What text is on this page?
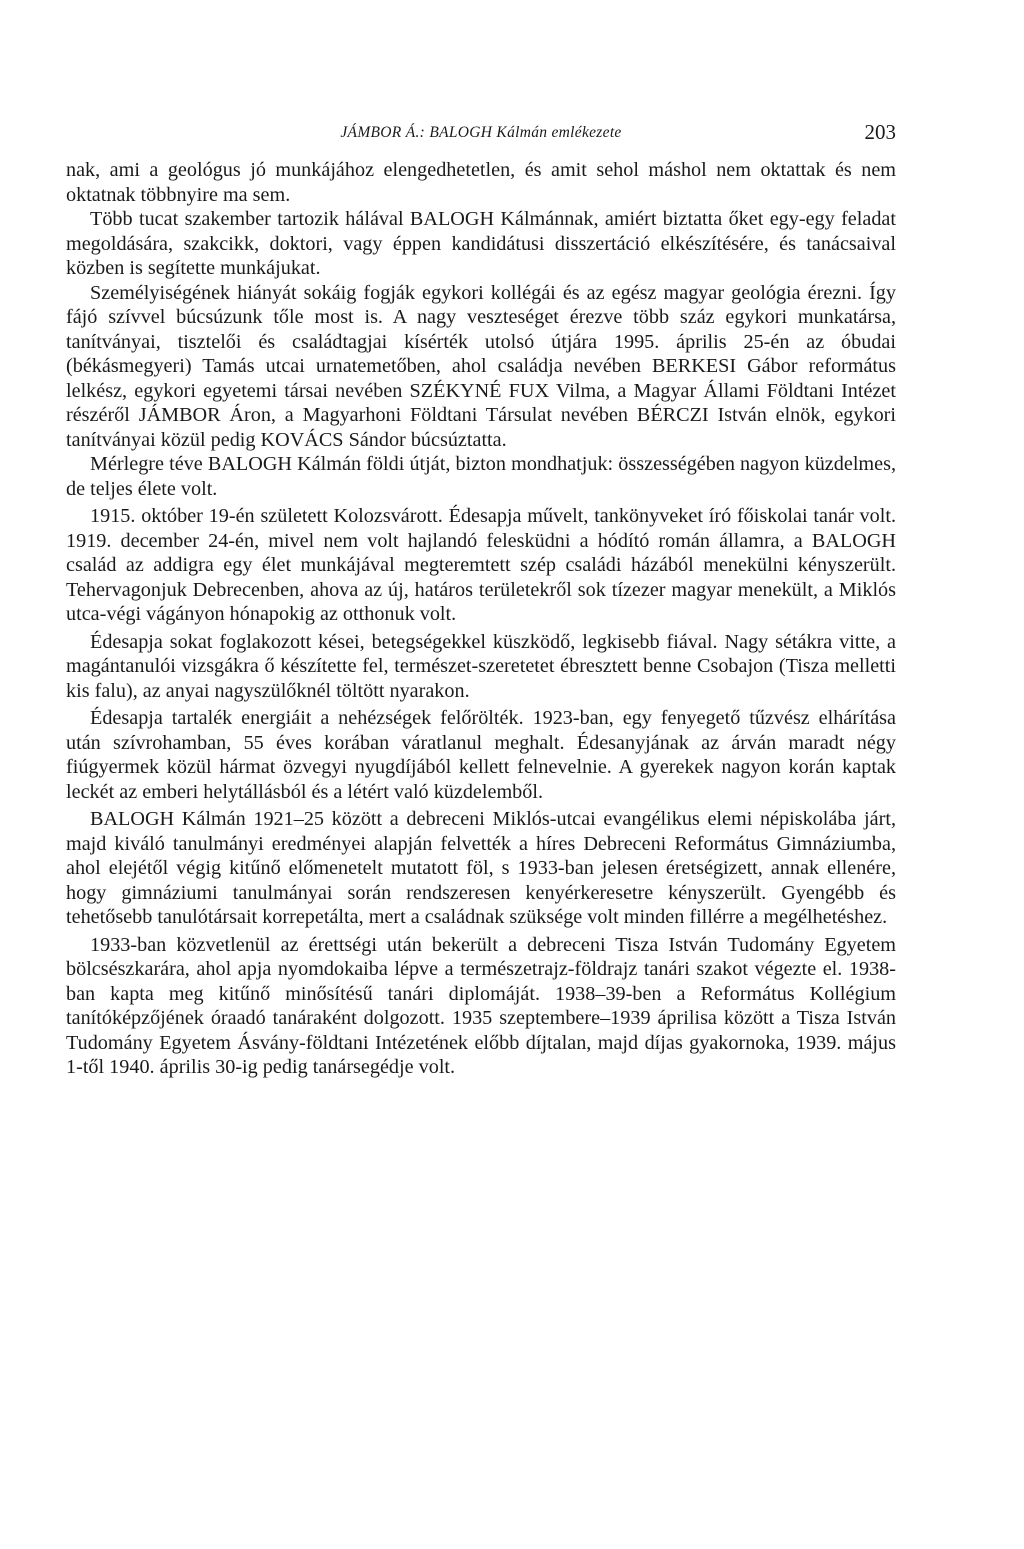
JÁMBOR Á.: BALOGH Kálmán emlékezete	203

nak, ami a geológus jó munkájához elengedhetetlen, és amit sehol máshol nem oktattak és nem oktatnak többnyire ma sem.

Több tucat szakember tartozik hálával BALOGH Kálmánnak, amiért biztatta őket egy-egy feladat megoldására, szakcikk, doktori, vagy éppen kandidátusi disszertáció elkészítésére, és tanácsaival közben is segítette munkájukat.

Személyiségének hiányát sokáig fogják egykori kollégái és az egész magyar geológia érezni. Így fájó szívvel búcsúzunk tőle most is. A nagy veszteséget érezve több száz egykori munkatársa, tanítványai, tisztelői és családtagjai kísérték utolsó útjára 1995. április 25-én az óbudai (békásmegyeri) Tamás utcai urnatemetőben, ahol családja nevében BERKESI Gábor református lelkész, egykori egyetemi társai nevében SZÉKYNÉ FUX Vilma, a Magyar Állami Földtani Intézet részéről JÁMBOR Áron, a Magyarhoni Földtani Társulat nevében BÉRCZI István elnök, egykori tanítványai közül pedig KOVÁCS Sándor búcsúztatta.

Mérlegre téve BALOGH Kálmán földi útját, bizton mondhatjuk: összességében nagyon küzdelmes, de teljes élete volt.

1915. október 19-én született Kolozsvárott. Édesapja művelt, tankönyveket író főiskolai tanár volt. 1919. december 24-én, mivel nem volt hajlandó felesküdni a hódító román államra, a BALOGH család az addigra egy élet munkájával megteremtett szép családi házából menekülni kényszerült. Tehervagonjuk Debrecenben, ahova az új, határos területekről sok tízezer magyar menekült, a Miklós utca-végi vágányon hónapokig az otthonuk volt.

Édesapja sokat foglakozott kései, betegségekkel küszködő, legkisebb fiával. Nagy sétákra vitte, a magántanulói vizsgákra ő készítette fel, természet-szeretetet ébresztett benne Csobajon (Tisza melletti kis falu), az anyai nagyszülőknél töltött nyarakon.

Édesapja tartalék energiáit a nehézségek felőrölték. 1923-ban, egy fenyegető tűzvész elhárítása után szívrohamban, 55 éves korában váratlanul meghalt. Édesanyjának az árván maradt négy fiúgyermek közül hármat özvegyi nyugdíjából kellett felnevelnie. A gyerekek nagyon korán kaptak leckét az emberi helytállásból és a létért való küzdelemből.

BALOGH Kálmán 1921–25 között a debreceni Miklós-utcai evangélikus elemi népiskolába járt, majd kiváló tanulmányi eredményei alapján felvették a híres Debreceni Református Gimnáziumba, ahol elejétől végig kitűnő előmenetelt mutatott föl, s 1933-ban jelesen éretségizett, annak ellenére, hogy gimnáziumi tanulmányai során rendszeresen kenyérkeresetre kényszerült. Gyengébb és tehetősebb tanulótársait korrepetálta, mert a családnak szüksége volt minden fillérre a megélhetéshez.

1933-ban közvetlenül az érettségi után bekerült a debreceni Tisza István Tudomány Egyetem bölcsészkarára, ahol apja nyomdokaiba lépve a természetrajz-földrajz tanári szakot végezte el. 1938-ban kapta meg kitűnő minősítésű tanári diplomáját. 1938–39-ben a Református Kollégium tanítóképzőjének óraadó tanáraként dolgozott. 1935 szeptembere–1939 áprilisa között a Tisza István Tudomány Egyetem Ásvány-földtani Intézetének előbb díjtalan, majd díjas gyakornoka, 1939. május 1-től 1940. április 30-ig pedig tanársegédje volt.
